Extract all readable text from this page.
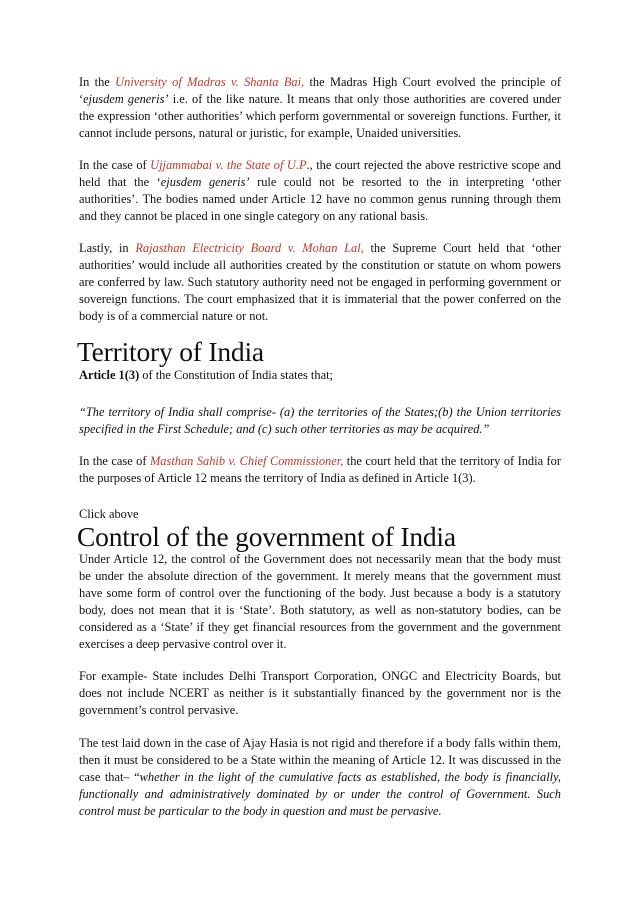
In the University of Madras v. Shanta Bai, the Madras High Court evolved the principle of ‘ejusdem generis’ i.e. of the like nature. It means that only those authorities are covered under the expression ‘other authorities’ which perform governmental or sovereign functions. Further, it cannot include persons, natural or juristic, for example, Unaided universities.

In the case of Ujjammabai v. the State of U.P., the court rejected the above restrictive scope and held that the ‘ejusdem generis’ rule could not be resorted to the in interpreting ‘other authorities’. The bodies named under Article 12 have no common genus running through them and they cannot be placed in one single category on any rational basis.

Lastly, in Rajasthan Electricity Board v. Mohan Lal, the Supreme Court held that ‘other authorities’ would include all authorities created by the constitution or statute on whom powers are conferred by law. Such statutory authority need not be engaged in performing government or sovereign functions. The court emphasized that it is immaterial that the power conferred on the body is of a commercial nature or not.

Territory of India

Article 1(3) of the Constitution of India states that;

“The territory of India shall comprise- (a) the territories of the States;(b) the Union territories specified in the First Schedule; and (c) such other territories as may be acquired.”

In the case of Masthan Sahib v. Chief Commissioner, the court held that the territory of India for the purposes of Article 12 means the territory of India as defined in Article 1(3).

Click above

Control of the government of India

Under Article 12, the control of the Government does not necessarily mean that the body must be under the absolute direction of the government. It merely means that the government must have some form of control over the functioning of the body. Just because a body is a statutory body, does not mean that it is ‘State’. Both statutory, as well as non-statutory bodies, can be considered as a ‘State’ if they get financial resources from the government and the government exercises a deep pervasive control over it.

For example- State includes Delhi Transport Corporation, ONGC and Electricity Boards, but does not include NCERT as neither is it substantially financed by the government nor is the government’s control pervasive.

The test laid down in the case of Ajay Hasia is not rigid and therefore if a body falls within them, then it must be considered to be a State within the meaning of Article 12. It was discussed in the case that– “whether in the light of the cumulative facts as established, the body is financially, functionally and administratively dominated by or under the control of Government. Such control must be particular to the body in question and must be pervasive.
